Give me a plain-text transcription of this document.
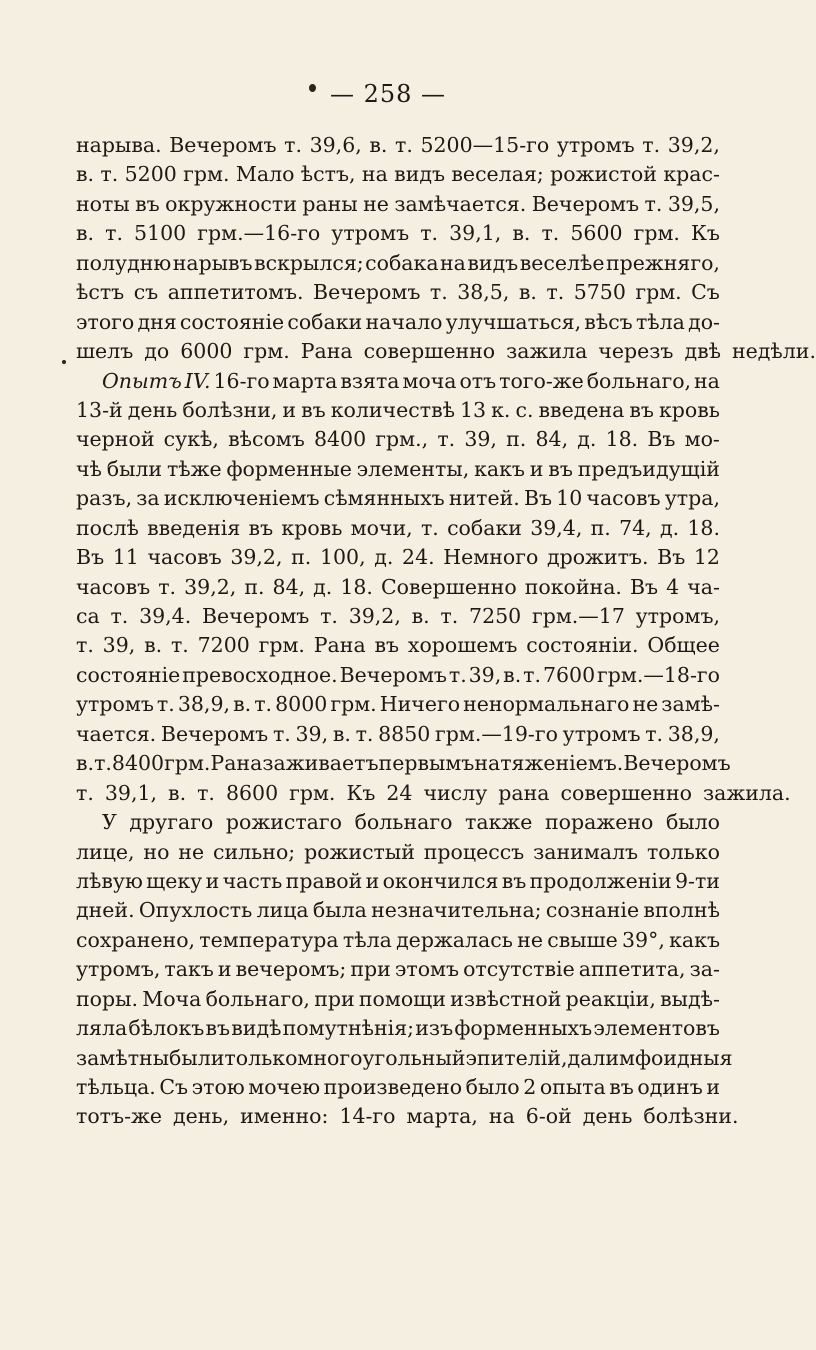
— 258 —
нарыва. Вечеромъ т. 39,6, в. т. 5200—15-го утромъ т. 39,2,
в. т. 5200 грм. Мало ѣстъ, на видъ веселая; рожистой крас-
ноты въ окружности раны не замѣчается. Вечеромъ т. 39,5,
в. т. 5100 грм.—16-го утромъ т. 39,1, в. т. 5600 грм. Къ
полудню нарывъ вскрылся; собака на видъ веселѣе прежняго,
ѣстъ съ аппетитомъ. Вечеромъ т. 38,5, в. т. 5750 грм. Съ
этого дня состоянiе собаки начало улучшаться, вѣсъ тѣла до-
шелъ до 6000 грм. Рана совершенно зажила черезъ двѣ недѣли.
Опытъ IV. 16-го марта взята моча отъ того-же больнаго, на
13-й день болѣзни, и въ количествѣ 13 к. с. введена въ кровь
черной сукѣ, вѣсомъ 8400 грм., т. 39, п. 84, д. 18. Въ мо-
чѣ были тѣже форменные элементы, какъ и въ предъидущiй
разъ, за исключенiемъ сѣмянныхъ нитей. Въ 10 часовъ утра,
послѣ введенiя въ кровь мочи, т. собаки 39,4, п. 74, д. 18.
Въ 11 часовъ 39,2, п. 100, д. 24. Немного дрожитъ. Въ 12
часовъ т. 39,2, п. 84, д. 18. Совершенно покойна. Въ 4 ча-
са т. 39,4. Вечеромъ т. 39,2, в. т. 7250 грм.—17 утромъ,
т. 39, в. т. 7200 грм. Рана въ хорошемъ состоянiи. Общее
состоянiе превосходное. Вечеромъ т. 39, в. т. 7600 грм.—18-го
утромъ т. 38,9, в. т. 8000 грм. Ничего ненормальнаго не замѣ-
чается. Вечеромъ т. 39, в. т. 8850 грм.—19-го утромъ т. 38,9,
в. т. 8400 грм. Рана заживаетъ первымъ натяженiемъ. Вечеромъ
т. 39,1, в. т. 8600 грм. Къ 24 числу рана совершенно зажила.
У другаго рожистаго больнаго также поражено было
лице, но не сильно; рожистый процессъ занималъ только
лѣвую щеку и часть правой и окончился въ продолженiи 9-ти
дней. Опухлость лица была незначительна; сознанiе вполнѣ
сохранено, температура тѣла держалась не свыше 39°, какъ
утромъ, такъ и вечеромъ; при этомъ отсутствiе аппетита, за-
поры. Моча больнаго, при помощи извѣстной реакцiи, выдѣ-
ляла бѣлокъ въ видѣ помутнѣнiя; изъ форменныхъ элементовъ
замѣтны были только многоугольный эпителiй, да лимфоидныя
тѣльца. Съ этою мочею произведено было 2 опыта въ одинъ и
тотъ-же день, именно: 14-го марта, на 6-ой день болѣзни.
